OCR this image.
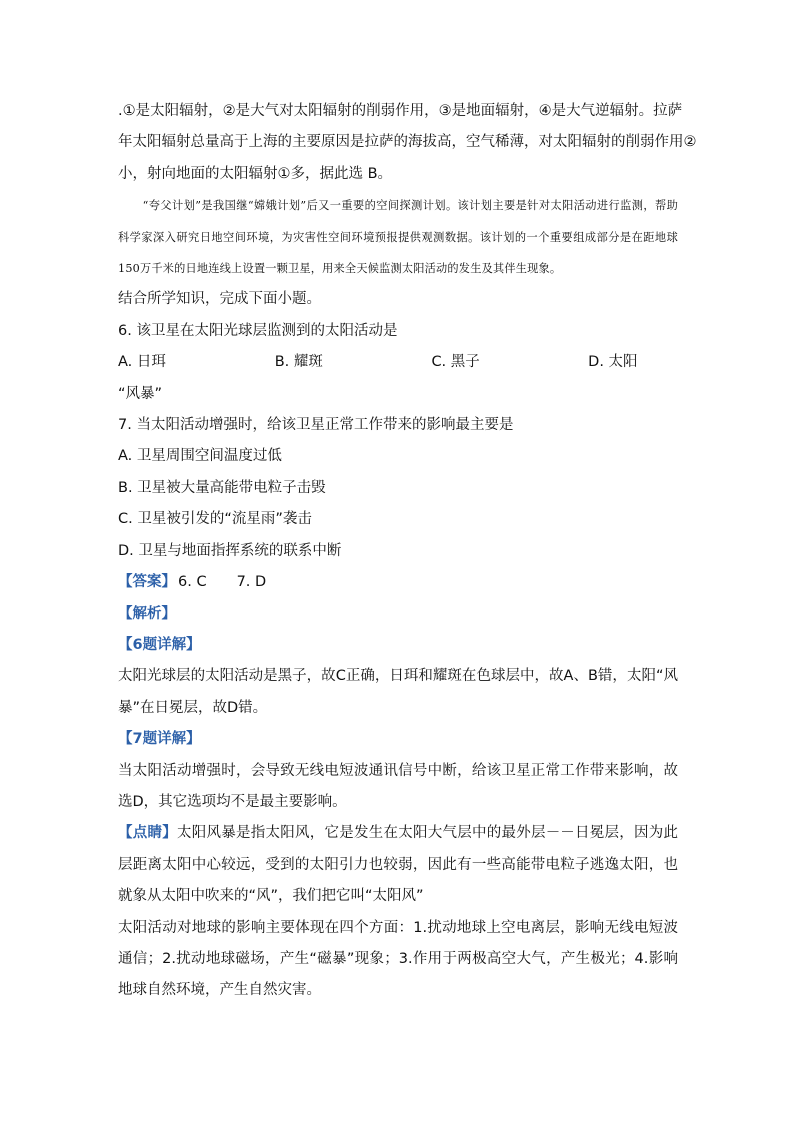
.①是太阳辐射，②是大气对太阳辐射的削弱作用，③是地面辐射，④是大气逆辐射。拉萨
年太阳辐射总量高于上海的主要原因是拉萨的海拔高，空气稀薄，对太阳辐射的削弱作用②
小，射向地面的太阳辐射①多，据此选 B。
“夸父计划”是我国继“嫦娥计划”后又一重要的空间探测计划。该计划主要是针对太阳活动进行监测，帮助科学家深入研究日地空间环境，为灾害性空间环境预报提供观测数据。该计划的一个重要组成部分是在距地球150万千米的日地连线上设置一颗卫星，用来全天候监测太阳活动的发生及其伴生现象。
结合所学知识，完成下面小题。
6. 该卫星在太阳光球层监测到的太阳活动是
A. 日珥	B. 耀斑	C. 黑子	D. 太阳
“风暴”
7. 当太阳活动增强时，给该卫星正常工作带来的影响最主要是
A. 卫星周围空间温度过低
B. 卫星被大量高能带电粒子击毁
C. 卫星被引发的“流星雨”袭击
D. 卫星与地面指挥系统的联系中断
【答案】 6. C 7. D
【解析】
【6题详解】
太阳光球层的太阳活动是黑子，故C正确，日珥和耀斑在色球层中，故A、B错，太阳“风暴”在日冕层，故D错。
【7题详解】
当太阳活动增强时，会导致无线电短波通讯信号中断，给该卫星正常工作带来影响，故选D，其它选项均不是最主要影响。
【点睛】太阳风暴是指太阳风，它是发生在太阳大气层中的最外层－－日冕层，因为此层距离太阳中心较远，受到的太阳引力也较弱，因此有一些高能带电粒子逃逸太阳，也就象从太阳中吹来的“风”，我们把它叫“太阳风”
太阳活动对地球的影响主要体现在四个方面：1.扰动地球上空电离层，影响无线电短波通信；2.扰动地球磁场，产生“磁暴”现象；3.作用于两极高空大气，产生极光；4.影响地球自然环境，产生自然灾害。
